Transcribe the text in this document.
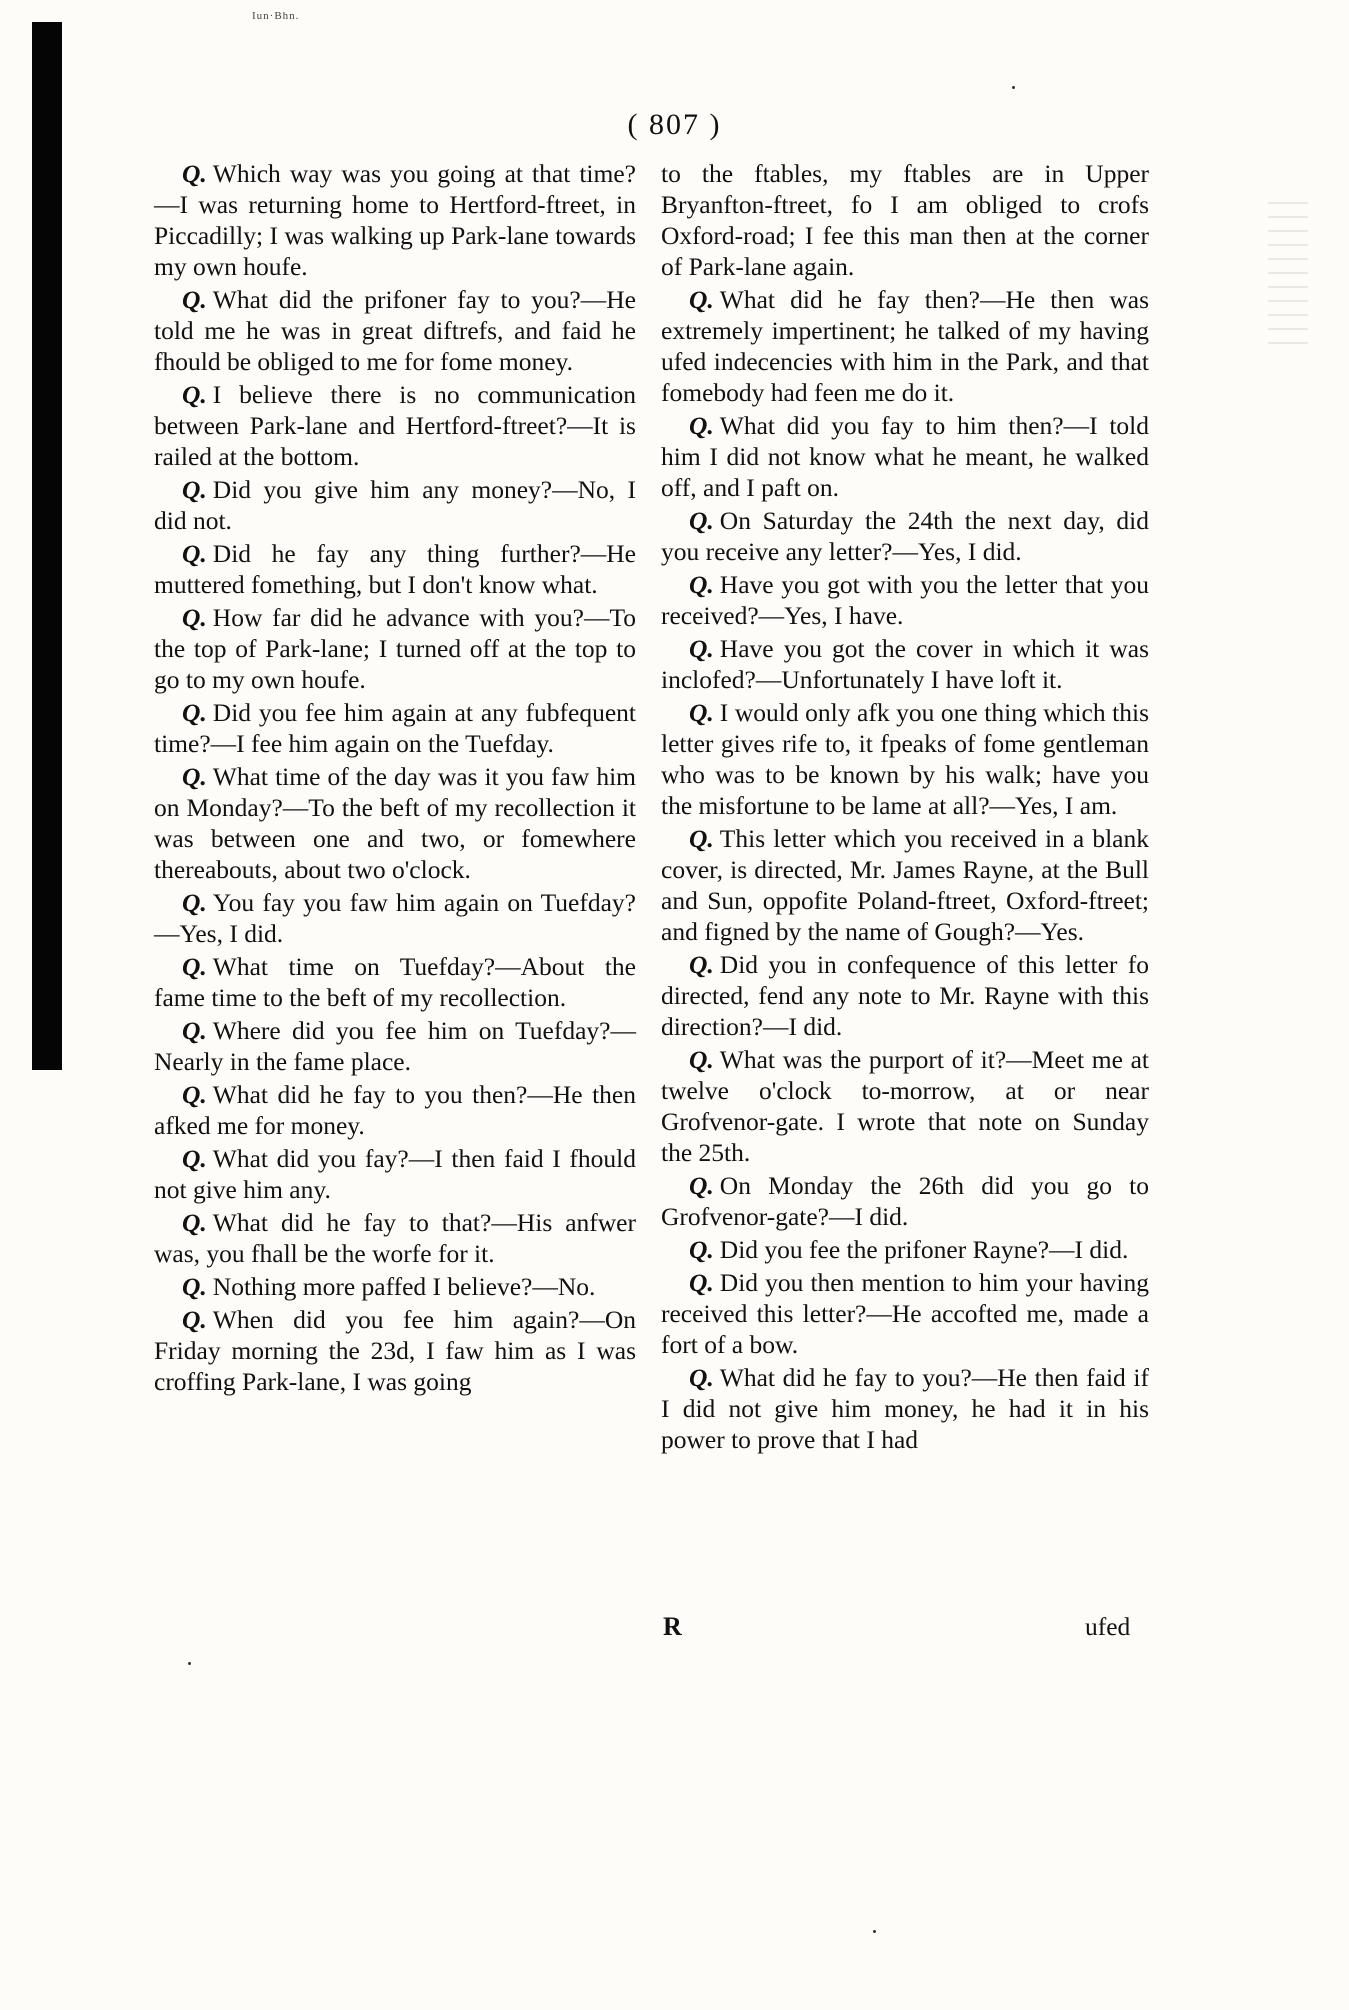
Iun·Bhn.
( 807 )

Q. Which way was you going at that time?—I was returning home to Hertford-ftreet, in Piccadilly; I was walking up Park-lane towards my own houfe.

Q. What did the prifoner fay to you?—He told me he was in great diftrefs, and faid he fhould be obliged to me for fome money.

Q. I believe there is no communication between Park-lane and Hertford-ftreet?—It is railed at the bottom.

Q. Did you give him any money?—No, I did not.

Q. Did he fay any thing further?—He muttered fomething, but I don't know what.

Q. How far did he advance with you?—To the top of Park-lane; I turned off at the top to go to my own houfe.

Q. Did you fee him again at any fubfequent time?—I fee him again on the Tuefday.

Q. What time of the day was it you faw him on Monday?—To the beft of my recollection it was between one and two, or fomewhere thereabouts, about two o'clock.

Q. You fay you faw him again on Tuefday?—Yes, I did.

Q. What time on Tuefday?—About the fame time to the beft of my recollection.

Q. Where did you fee him on Tuefday?—Nearly in the fame place.

Q. What did he fay to you then?—He then afked me for money.

Q. What did you fay?—I then faid I fhould not give him any.

Q. What did he fay to that?—His anfwer was, you fhall be the worfe for it.

Q. Nothing more paffed I believe?—No.

Q. When did you fee him again?—On Friday morning the 23d, I faw him as I was croffing Park-lane, I was going

to the ftables, my ftables are in Upper Bryanfton-ftreet, fo I am obliged to crofs Oxford-road; I fee this man then at the corner of Park-lane again.

Q. What did he fay then?—He then was extremely impertinent; he talked of my having ufed indecencies with him in the Park, and that fomebody had feen me do it.

Q. What did you fay to him then?—I told him I did not know what he meant, he walked off, and I paft on.

Q. On Saturday the 24th the next day, did you receive any letter?—Yes, I did.

Q. Have you got with you the letter that you received?—Yes, I have.

Q. Have you got the cover in which it was inclofed?—Unfortunately I have loft it.

Q. I would only afk you one thing which this letter gives rife to, it fpeaks of fome gentleman who was to be known by his walk; have you the misfortune to be lame at all?—Yes, I am.

Q. This letter which you received in a blank cover, is directed, Mr. James Rayne, at the Bull and Sun, oppofite Poland-ftreet, Oxford-ftreet; and figned by the name of Gough?—Yes.

Q. Did you in confequence of this letter fo directed, fend any note to Mr. Rayne with this direction?—I did.

Q. What was the purport of it?—Meet me at twelve o'clock to-morrow, at or near Grofvenor-gate. I wrote that note on Sunday the 25th.

Q. On Monday the 26th did you go to Grofvenor-gate?—I did.

Q. Did you fee the prifoner Rayne?—I did.

Q. Did you then mention to him your having received this letter?—He accofted me, made a fort of a bow.

Q. What did he fay to you?—He then faid if I did not give him money, he had it in his power to prove that I had

R	ufed
